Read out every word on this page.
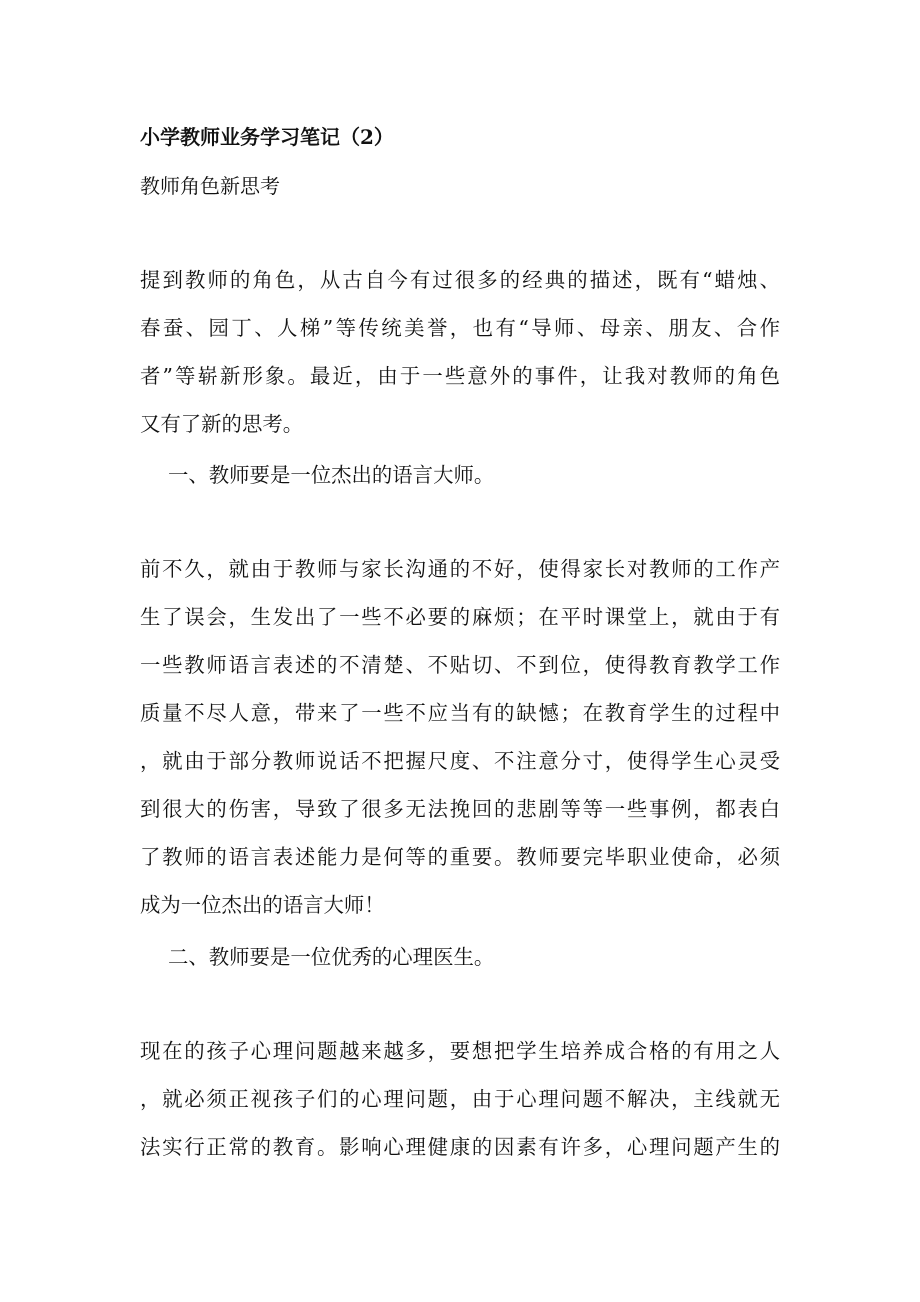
小学教师业务学习笔记（2）
教师角色新思考
提到教师的角色，从古自今有过很多的经典的描述，既有“蜡烛、
春蚕、园丁、人梯”等传统美誉，也有“导师、母亲、朋友、合作
者”等崭新形象。最近，由于一些意外的事件，让我对教师的角色
又有了新的思考。
一、教师要是一位杰出的语言大师。
前不久，就由于教师与家长沟通的不好，使得家长对教师的工作产
生了误会，生发出了一些不必要的麻烦；在平时课堂上，就由于有
一些教师语言表述的不清楚、不贴切、不到位，使得教育教学工作
质量不尽人意，带来了一些不应当有的缺憾；在教育学生的过程中
，就由于部分教师说话不把握尺度、不注意分寸，使得学生心灵受
到很大的伤害，导致了很多无法挽回的悲剧等等一些事例，都表白
了教师的语言表述能力是何等的重要。教师要完毕职业使命，必须
成为一位杰出的语言大师！
二、教师要是一位优秀的心理医生。
现在的孩子心理问题越来越多，要想把学生培养成合格的有用之人
，就必须正视孩子们的心理问题，由于心理问题不解决，主线就无
法实行正常的教育。影响心理健康的因素有许多，心理问题产生的
